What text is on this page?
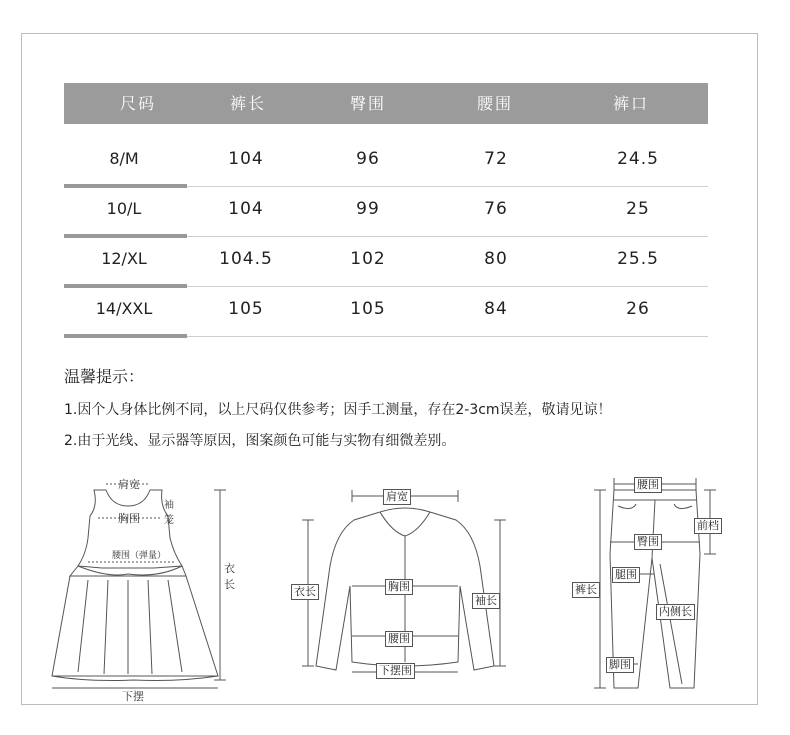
尺码	裤长	臀围	腰围	裤口
8/M	104	96	72	24.5
10/L	104	99	76	25
12/XL	104.5	102	80	25.5
14/XXL	105	105	84	26
温馨提示：
1.因个人身体比例不同，以上尺码仅供参考；因手工测量，存在2-3cm误差，敬请见谅！
2.由于光线、显示器等原因，图案颜色可能与实物有细微差别。
肩宽
胸围
袖笼
腰围（弹量）
衣长
下摆
肩宽
衣长	胸围
袖长
腰围
下摆围
腰围
前档
臀围
裤长
腿围
内侧长
脚围
